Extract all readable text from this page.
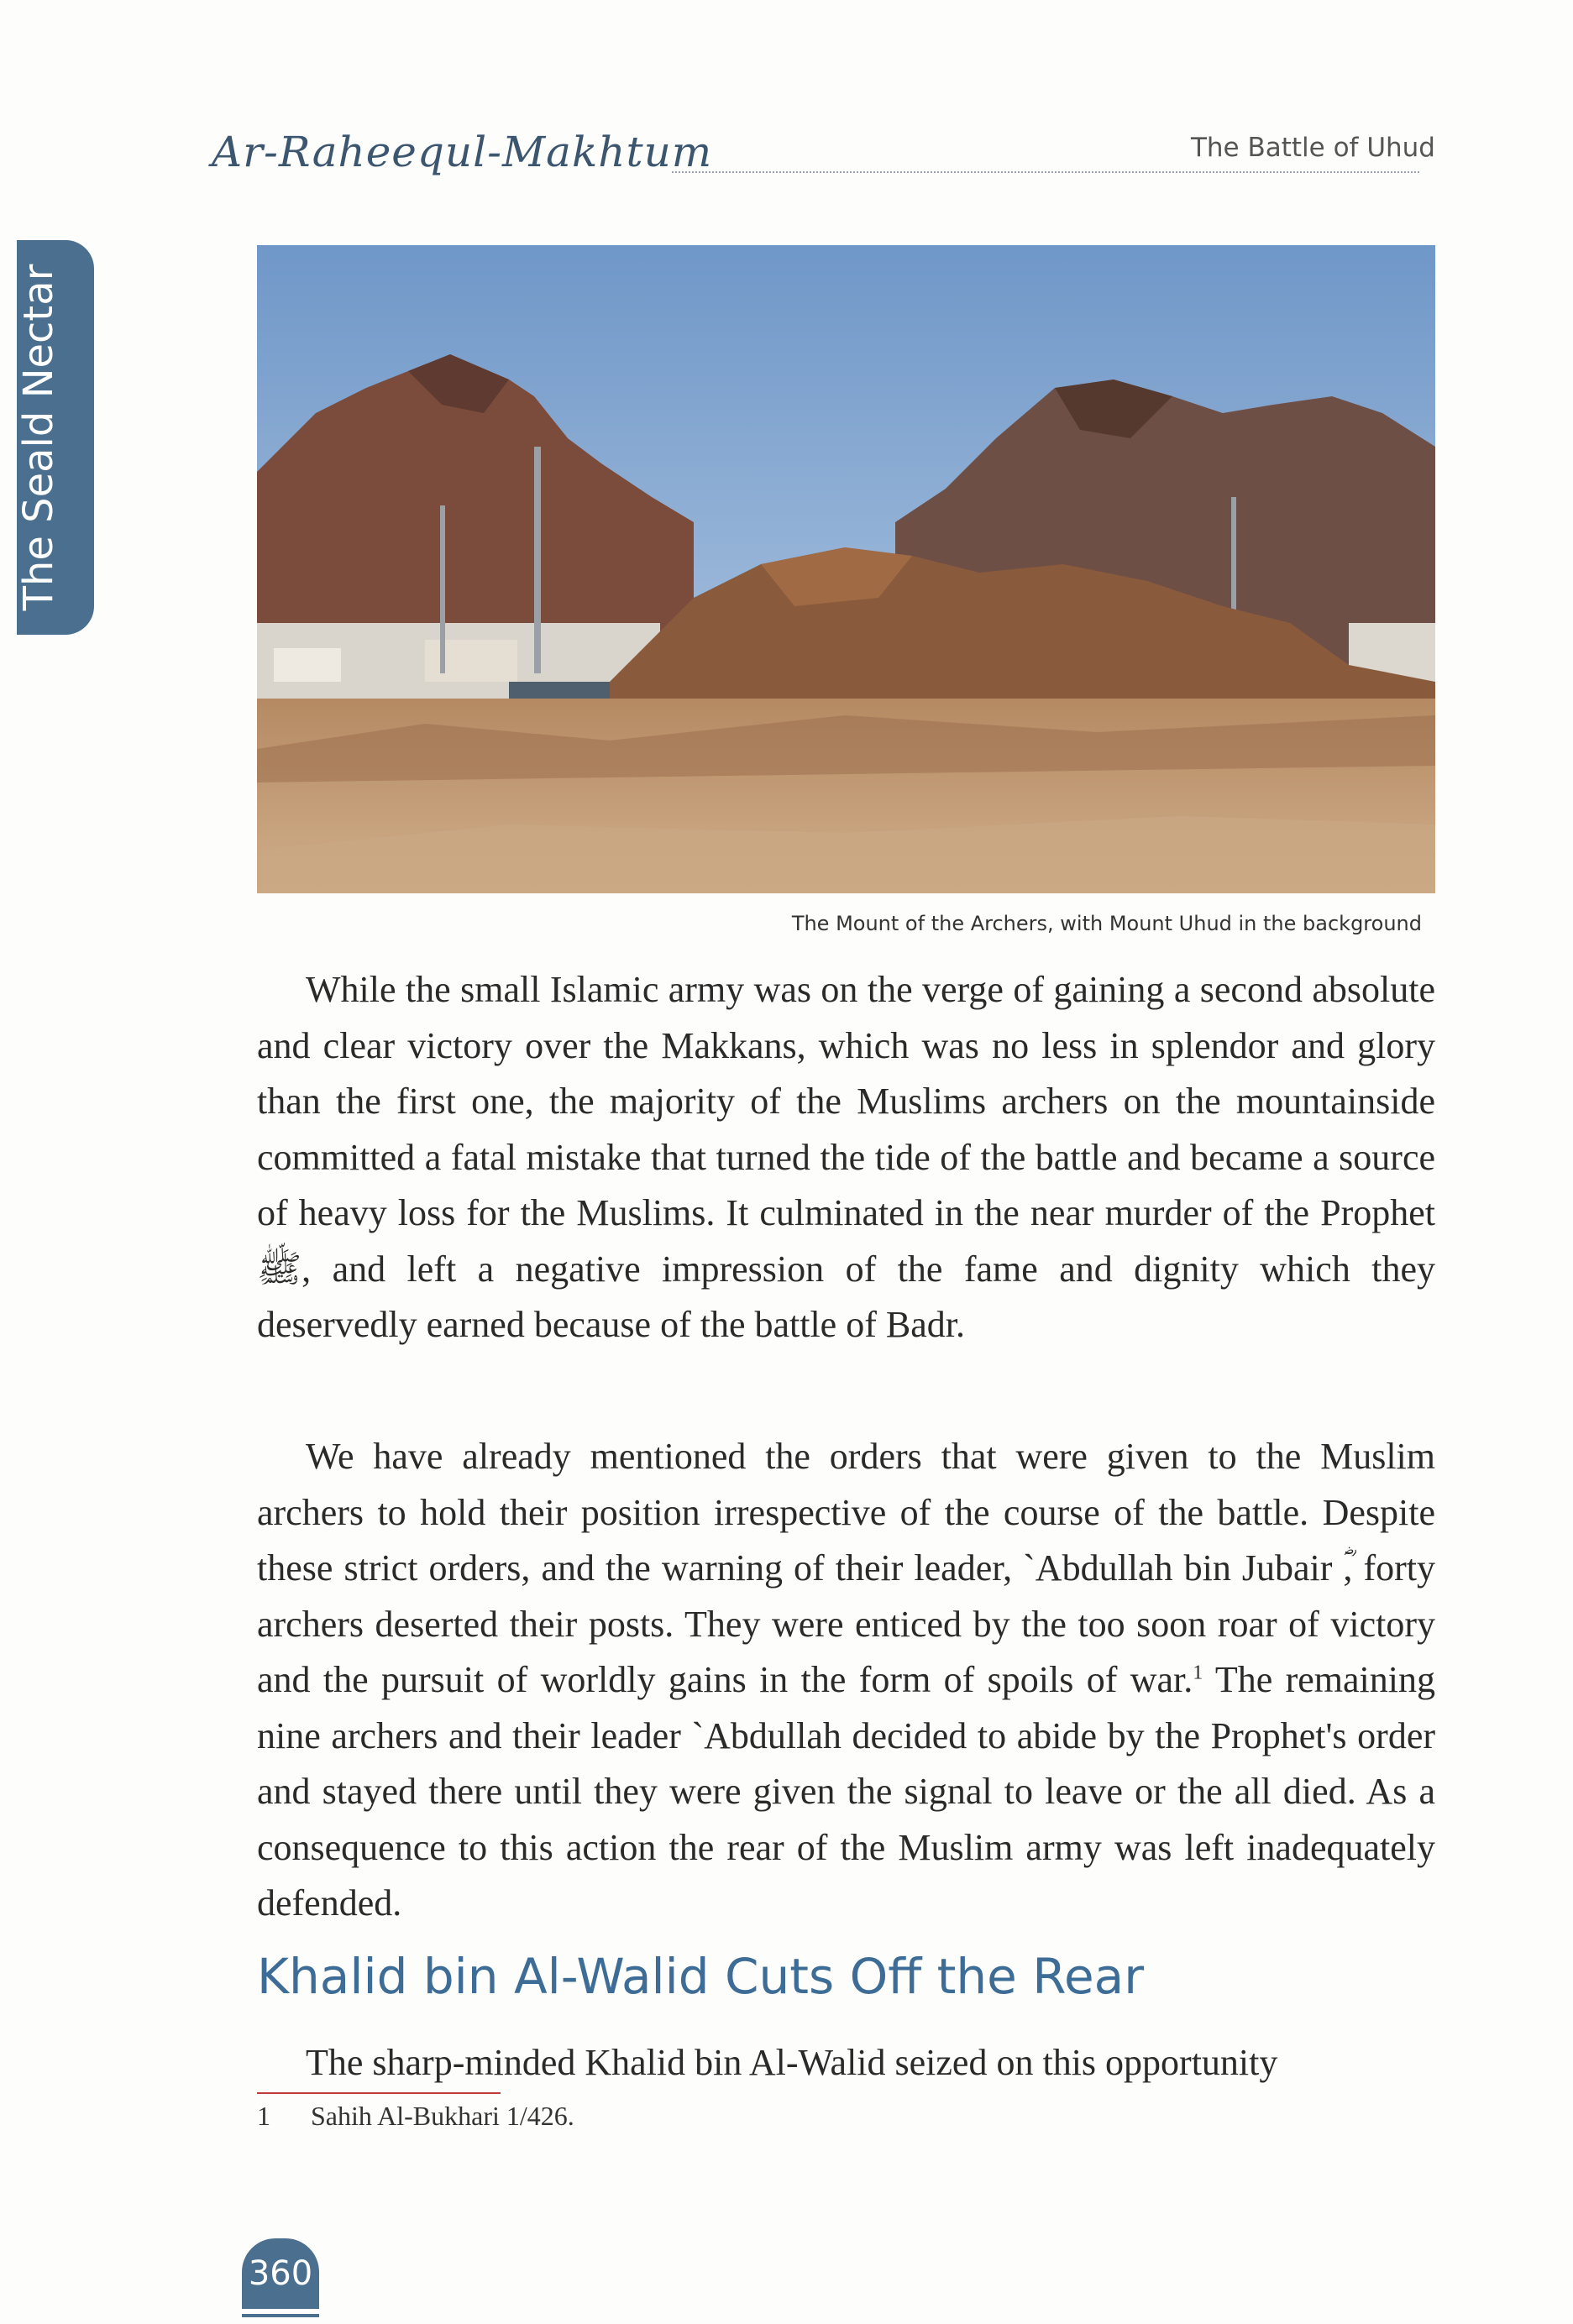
Ar-Raheequl-Makhtum	The Battle of Uhud
The Seald Nectar
The Mount of the Archers, with Mount Uhud in the background

While the small Islamic army was on the verge of gaining a second absolute and clear victory over the Makkans, which was no less in splendor and glory than the first one, the majority of the Muslims archers on the mountainside committed a fatal mistake that turned the tide of the battle and became a source of heavy loss for the Muslims. It culminated in the near murder of the Prophet ﷺ, and left a negative impression of the fame and dignity which they deservedly earned because of the battle of Badr.

We have already mentioned the orders that were given to the Muslim archers to hold their position irrespective of the course of the battle. Despite these strict orders, and the warning of their leader, `Abdullah bin Jubair ؓ, forty archers deserted their posts. They were enticed by the too soon roar of victory and the pursuit of worldly gains in the form of spoils of war.$^1$ The remaining nine archers and their leader `Abdullah decided to abide by the Prophet's order and stayed there until they were given the signal to leave or the all died. As a consequence to this action the rear of the Muslim army was left inadequately defended.

Khalid bin Al-Walid Cuts Off the Rear

The sharp-minded Khalid bin Al-Walid seized on this opportunity

1 Sahih Al-Bukhari 1/426.
360
